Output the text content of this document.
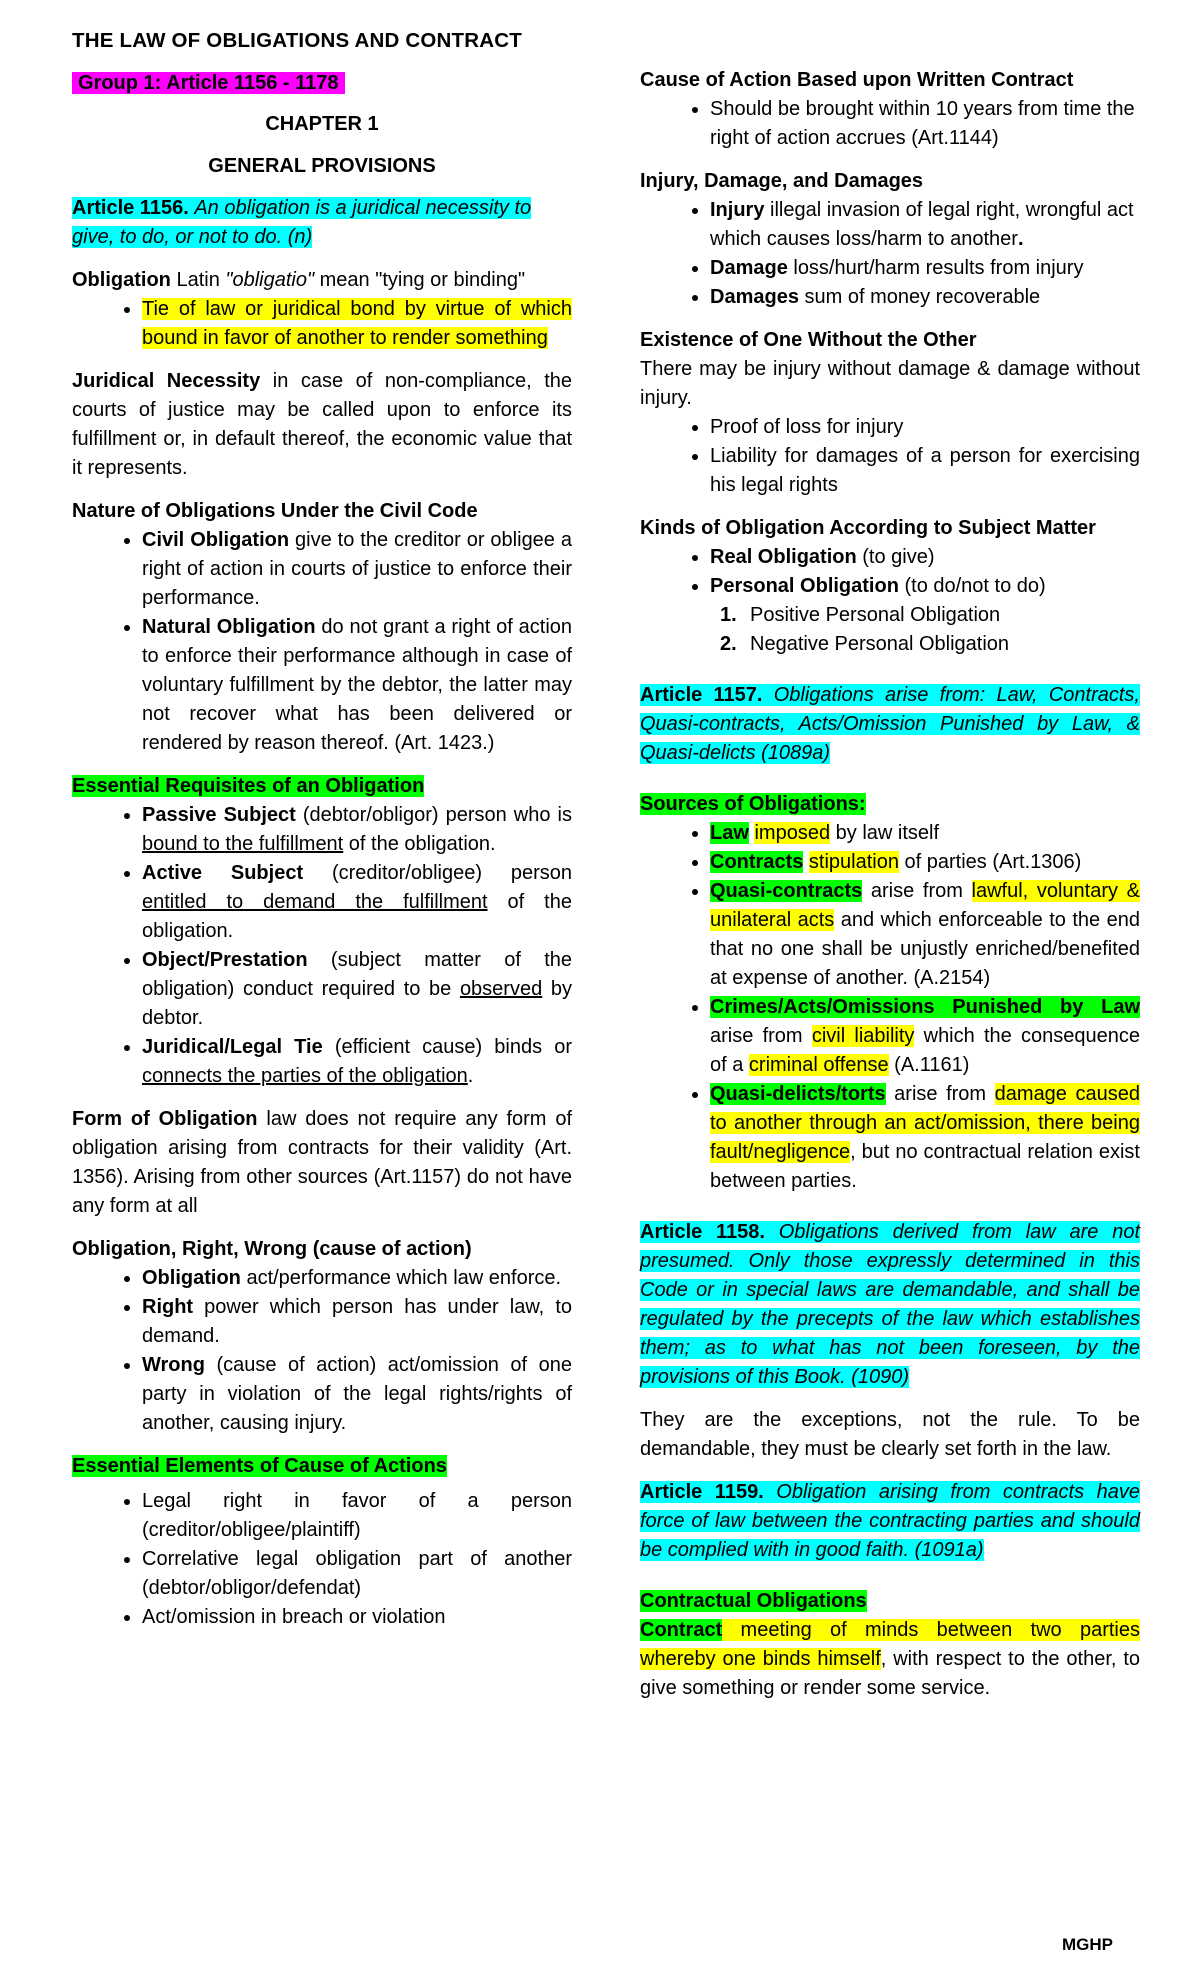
THE LAW OF OBLIGATIONS AND CONTRACT

Group 1: Article 1156 - 1178

CHAPTER 1

GENERAL PROVISIONS

Article 1156. An obligation is a juridical necessity to give, to do, or not to do. (n)

Obligation Latin "obligatio" mean "tying or binding"

• Tie of law or juridical bond by virtue of which bound in favor of another to render something

Juridical Necessity in case of non-compliance, the courts of justice may be called upon to enforce its fulfillment or, in default thereof, the economic value that it represents.

Nature of Obligations Under the Civil Code

• Civil Obligation give to the creditor or obligee a right of action in courts of justice to enforce their performance.
• Natural Obligation do not grant a right of action to enforce their performance although in case of voluntary fulfillment by the debtor, the latter may not recover what has been delivered or rendered by reason thereof. (Art. 1423.)

Essential Requisites of an Obligation

• Passive Subject (debtor/obligor) person who is bound to the fulfillment of the obligation.
• Active Subject (creditor/obligee) person entitled to demand the fulfillment of the obligation.
• Object/Prestation (subject matter of the obligation) conduct required to be observed by debtor.
• Juridical/Legal Tie (efficient cause) binds or connects the parties of the obligation.

Form of Obligation law does not require any form of obligation arising from contracts for their validity (Art. 1356). Arising from other sources (Art.1157) do not have any form at all

Obligation, Right, Wrong (cause of action)

• Obligation act/performance which law enforce.
• Right power which person has under law, to demand.
• Wrong (cause of action) act/omission of one party in violation of the legal rights/rights of another, causing injury.

Essential Elements of Cause of Actions

• Legal right in favor of a person (creditor/obligee/plaintiff)
• Correlative legal obligation part of another (debtor/obligor/defendat)
• Act/omission in breach or violation

Cause of Action Based upon Written Contract

• Should be brought within 10 years from time the right of action accrues (Art.1144)

Injury, Damage, and Damages

• Injury illegal invasion of legal right, wrongful act which causes loss/harm to another.
• Damage loss/hurt/harm results from injury
• Damages sum of money recoverable

Existence of One Without the Other

There may be injury without damage & damage without injury.

• Proof of loss for injury
• Liability for damages of a person for exercising his legal rights

Kinds of Obligation According to Subject Matter

• Real Obligation (to give)
• Personal Obligation (to do/not to do)
1. Positive Personal Obligation
2. Negative Personal Obligation

Article 1157. Obligations arise from: Law, Contracts, Quasi-contracts, Acts/Omission Punished by Law, & Quasi-delicts (1089a)

Sources of Obligations:

• Law imposed by law itself
• Contracts stipulation of parties (Art.1306)
• Quasi-contracts arise from lawful, voluntary & unilateral acts and which enforceable to the end that no one shall be unjustly enriched/benefited at expense of another. (A.2154)
• Crimes/Acts/Omissions Punished by Law arise from civil liability which the consequence of a criminal offense (A.1161)
• Quasi-delicts/torts arise from damage caused to another through an act/omission, there being fault/negligence, but no contractual relation exist between parties.

Article 1158. Obligations derived from law are not presumed. Only those expressly determined in this Code or in special laws are demandable, and shall be regulated by the precepts of the law which establishes them; as to what has not been foreseen, by the provisions of this Book. (1090)

They are the exceptions, not the rule. To be demandable, they must be clearly set forth in the law.

Article 1159. Obligation arising from contracts have force of law between the contracting parties and should be complied with in good faith. (1091a)

Contractual Obligations

Contract meeting of minds between two parties whereby one binds himself, with respect to the other, to give something or render some service.

MGHP
